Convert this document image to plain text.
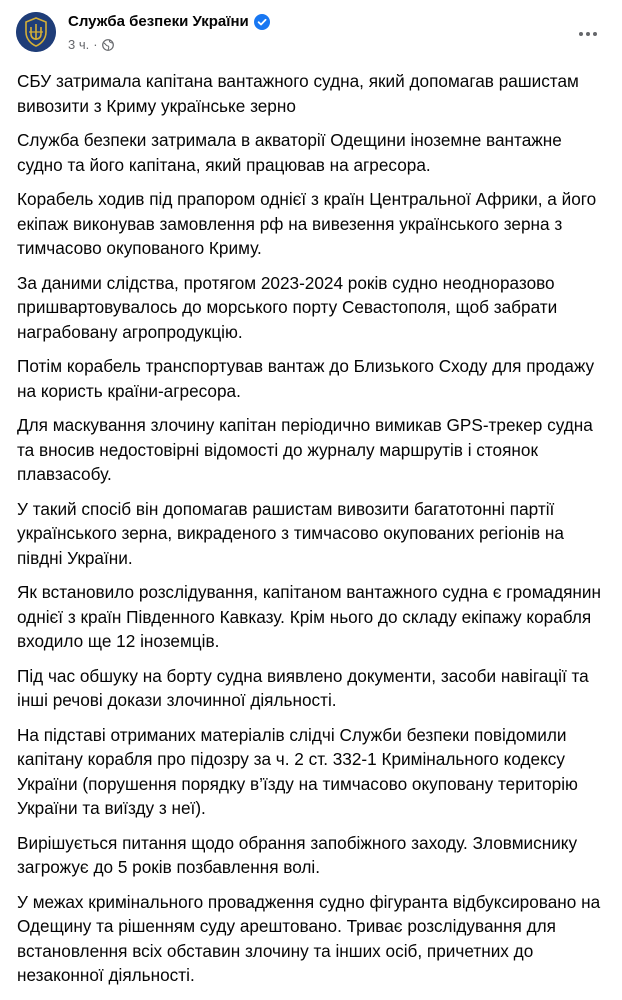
Служба безпеки України
3 ч. ·

СБУ затримала капітана вантажного судна, який допомагав рашистам вивозити з Криму українське зерно

Служба безпеки затримала в акваторії Одещини іноземне вантажне судно та його капітана, який працював на агресора.

Корабель ходив під прапором однієї з країн Центральної Африки, а його екіпаж виконував замовлення рф на вивезення українського зерна з тимчасово окупованого Криму.

За даними слідства, протягом 2023-2024 років судно неодноразово пришвартовувалось до морського порту Севастополя, щоб забрати награбовану агропродукцію.

Потім корабель транспортував вантаж до Близького Сходу для продажу на користь країни-агресора.

Для маскування злочину капітан періодично вимикав GPS-трекер судна та вносив недостовірні відомості до журналу маршрутів і стоянок плавзасобу.

У такий спосіб він допомагав рашистам вивозити багатотонні партії українського зерна, викраденого з тимчасово окупованих регіонів на півдні України.

Як встановило розслідування, капітаном вантажного судна є громадянин однієї з країн Південного Кавказу. Крім нього до складу екіпажу корабля входило ще 12 іноземців.

Під час обшуку на борту судна виявлено документи, засоби навігації та інші речові докази злочинної діяльності.

На підставі отриманих матеріалів слідчі Служби безпеки повідомили капітану корабля про підозру за ч. 2 ст. 332-1 Кримінального кодексу України (порушення порядку в’їзду на тимчасово окуповану територію України та виїзду з неї).

Вирішується питання щодо обрання запобіжного заходу. Зловмиснику загрожує до 5 років позбавлення волі.

У межах кримінального провадження судно фігуранта відбуксировано на Одещину та рішенням суду арештовано. Триває розслідування для встановлення всіх обставин злочину та інших осіб, причетних до незаконної діяльності.
